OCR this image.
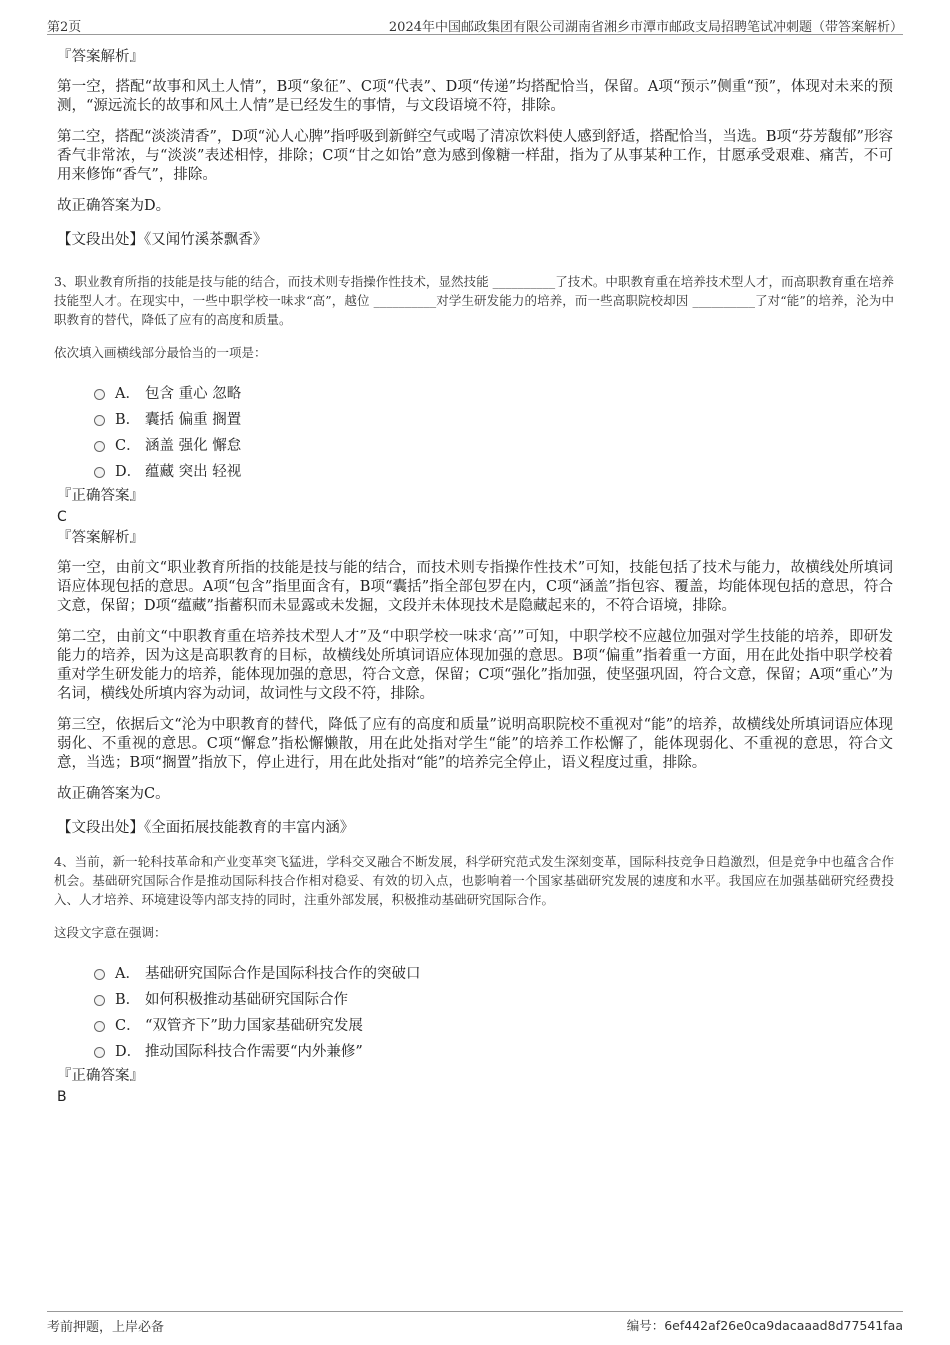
第2页	2024年中国邮政集团有限公司湖南省湘乡市潭市邮政支局招聘笔试冲刺题（带答案解析）

『答案解析』

第一空，搭配“故事和风土人情”，B项“象征”、C项“代表”、D项“传递”均搭配恰当，保留。A项“预示”侧重“预”，体现对未来的预测，“源远流长的故事和风土人情”是已经发生的事情，与文段语境不符，排除。

第二空，搭配“淡淡清香”，D项“沁人心脾”指呼吸到新鲜空气或喝了清凉饮料使人感到舒适，搭配恰当，当选。B项“芬芳馥郁”形容香气非常浓，与“淡淡”表述相悖，排除；C项“甘之如饴”意为感到像糖一样甜，指为了从事某种工作，甘愿承受艰难、痛苦，不可用来修饰“香气”，排除。

故正确答案为D。

【文段出处】《又闻竹溪茶飘香》

3、职业教育所指的技能是技与能的结合，而技术则专指操作性技术，显然技能 __________了技术。中职教育重在培养技术型人才，而高职教育重在培养技能型人才。在现实中，一些中职学校一味求“高”，越位 __________对学生研发能力的培养，而一些高职院校却因 __________了对“能”的培养，沦为中职教育的替代，降低了应有的高度和质量。

依次填入画横线部分最恰当的一项是：

A． 包含 重心 忽略
B． 囊括 偏重 搁置
C． 涵盖 强化 懈怠
D． 蕴藏 突出 轻视

『正确答案』

C

『答案解析』

第一空，由前文“职业教育所指的技能是技与能的结合，而技术则专指操作性技术”可知，技能包括了技术与能力，故横线处所填词语应体现包括的意思。A项“包含”指里面含有，B项“囊括”指全部包罗在内，C项“涵盖”指包容、覆盖，均能体现包括的意思，符合文意，保留；D项“蕴藏”指蓄积而未显露或未发掘，文段并未体现技术是隐藏起来的，不符合语境，排除。

第二空，由前文“中职教育重在培养技术型人才”及“中职学校一味求‘高’”可知，中职学校不应越位加强对学生技能的培养，即研发能力的培养，因为这是高职教育的目标，故横线处所填词语应体现加强的意思。B项“偏重”指着重一方面，用在此处指中职学校着重对学生研发能力的培养，能体现加强的意思，符合文意，保留；C项“强化”指加强，使坚强巩固，符合文意，保留；A项“重心”为名词，横线处所填内容为动词，故词性与文段不符，排除。

第三空，依据后文“沦为中职教育的替代，降低了应有的高度和质量”说明高职院校不重视对“能”的培养，故横线处所填词语应体现弱化、不重视的意思。C项“懈怠”指松懈懒散，用在此处指对学生“能”的培养工作松懈了，能体现弱化、不重视的意思，符合文意，当选；B项“搁置”指放下，停止进行，用在此处指对“能”的培养完全停止，语义程度过重，排除。

故正确答案为C。

【文段出处】《全面拓展技能教育的丰富内涵》

4、当前，新一轮科技革命和产业变革突飞猛进，学科交叉融合不断发展，科学研究范式发生深刻变革，国际科技竞争日趋激烈，但是竞争中也蕴含合作机会。基础研究国际合作是推动国际科技合作相对稳妥、有效的切入点，也影响着一个国家基础研究发展的速度和水平。我国应在加强基础研究经费投入、人才培养、环境建设等内部支持的同时，注重外部发展，积极推动基础研究国际合作。

这段文字意在强调：

A． 基础研究国际合作是国际科技合作的突破口
B． 如何积极推动基础研究国际合作
C． “双管齐下”助力国家基础研究发展
D． 推动国际科技合作需要“内外兼修”

『正确答案』

B

考前押题，上岸必备	编号：6ef442af26e0ca9dacaaad8d77541faa
